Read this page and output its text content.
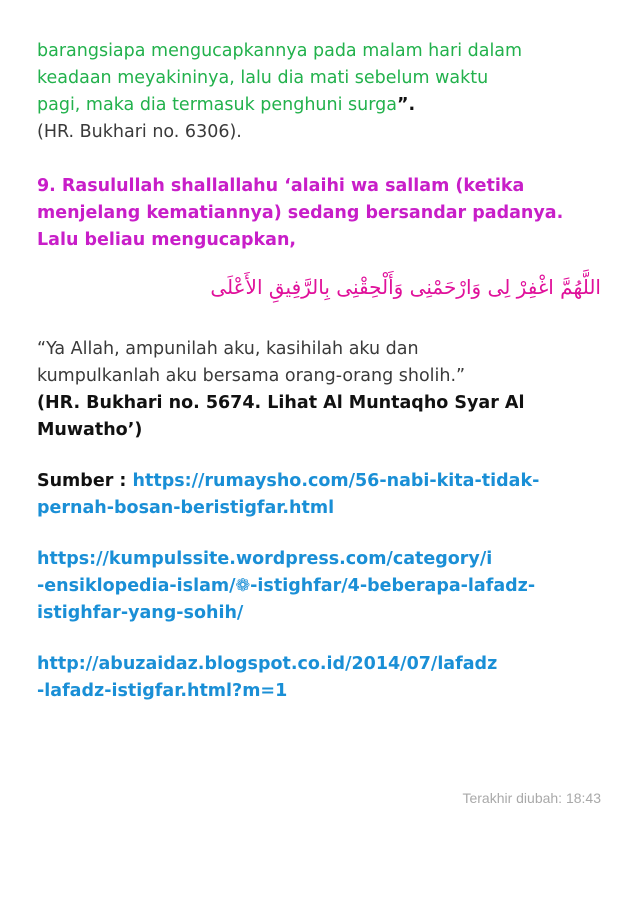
barangsiapa mengucapkannya pada malam hari dalam

keadaan meyakininya, lalu dia mati sebelum waktu

pagi, maka dia termasuk penghuni surga”.

(HR. Bukhari no. 6306).

9. Rasulullah shallallahu ‘alaihi wa sallam (ketika

menjelang kematiannya) sedang bersandar padanya.

Lalu beliau mengucapkan,

اللَّهُمَّ اغْفِرْ لِى وَارْحَمْنِى وَأَلْحِقْنِى بِالرَّفِيقِ الأَعْلَى

“Ya Allah, ampunilah aku, kasihilah aku dan

kumpulkanlah aku bersama orang-orang sholih.”

(HR. Bukhari no. 5674. Lihat Al Muntaqho Syar Al

Muwatho’)

Sumber : https://rumaysho.com/56-nabi-kita-tidak-

pernah-bosan-beristigfar.html

https://kumpulssite.wordpress.com/category/i

-ensiklopedia-islam/❁-istighfar/4-beberapa-lafadz-

istighfar-yang-sohih/

http://abuzaidaz.blogspot.co.id/2014/07/lafadz

-lafadz-istigfar.html?m=1

Terakhir diubah: 18:43
